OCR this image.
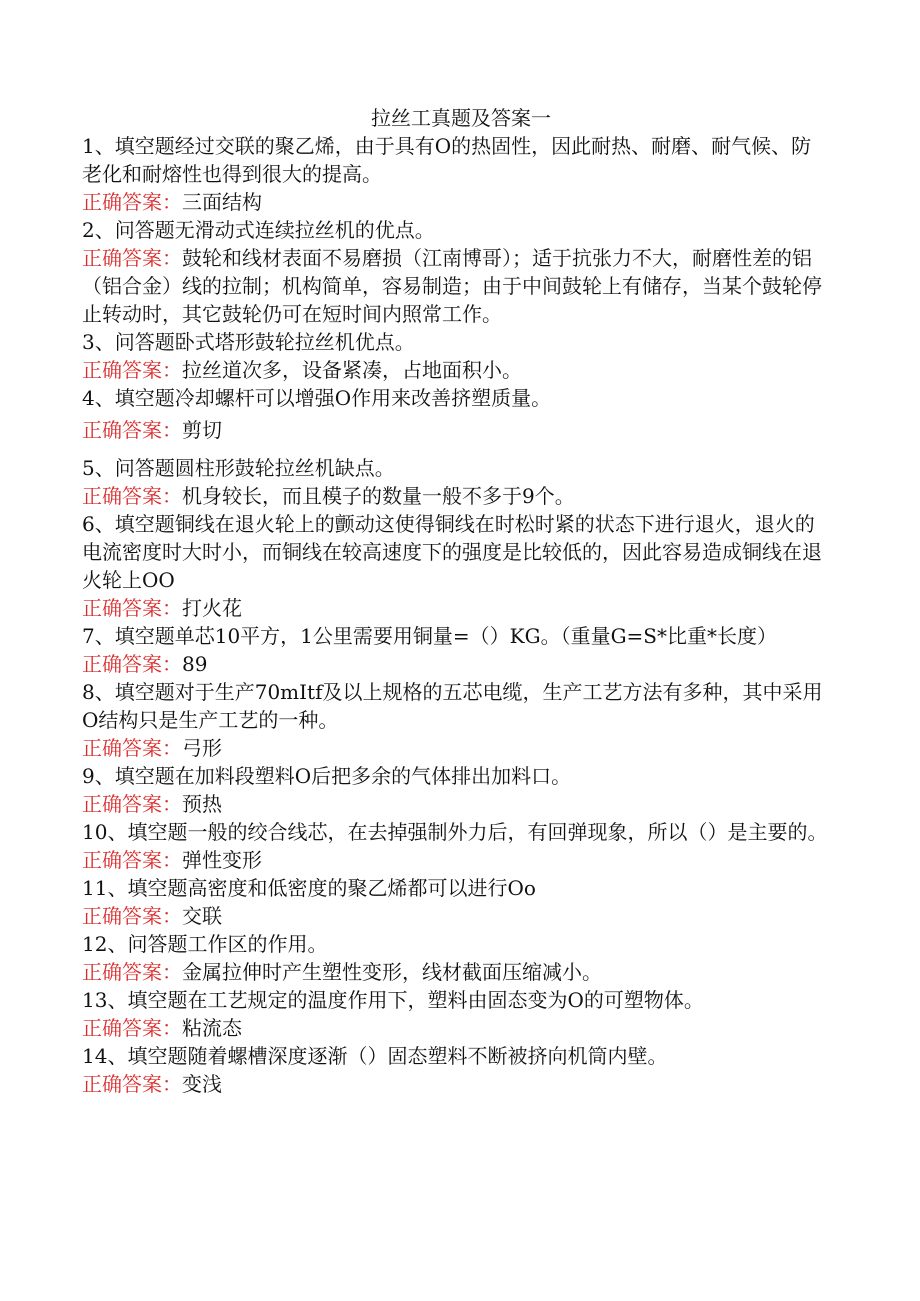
拉丝工真题及答案一

1、填空题经过交联的聚乙烯，由于具有O的热固性，因此耐热、耐磨、耐气候、防老化和耐熔性也得到很大的提高。

正确答案：三面结构

2、问答题无滑动式连续拉丝机的优点。

正确答案：鼓轮和线材表面不易磨损（江南博哥）；适于抗张力不大，耐磨性差的铝（铝合金）线的拉制；机构简单，容易制造；由于中间鼓轮上有储存，当某个鼓轮停止转动时，其它鼓轮仍可在短时间内照常工作。

3、问答题卧式塔形鼓轮拉丝机优点。

正确答案：拉丝道次多，设备紧凑，占地面积小。

4、填空题冷却螺杆可以增强O作用来改善挤塑质量。

正确答案：剪切

5、问答题圆柱形鼓轮拉丝机缺点。

正确答案：机身较长，而且模子的数量一般不多于9个。

6、填空题铜线在退火轮上的颤动这使得铜线在时松时紧的状态下进行退火，退火的电流密度时大时小，而铜线在较高速度下的强度是比较低的，因此容易造成铜线在退火轮上OO

正确答案：打火花

7、填空题单芯10平方，1公里需要用铜量=（）KG。（重量G=S*比重*长度）

正确答案：89

8、填空题对于生产70mItf及以上规格的五芯电缆，生产工艺方法有多种，其中采用O结构只是生产工艺的一种。

正确答案：弓形

9、填空题在加料段塑料O后把多余的气体排出加料口。

正确答案：预热

10、填空题一般的绞合线芯，在去掉强制外力后，有回弹现象，所以（）是主要的。

正确答案：弹性变形

11、填空题高密度和低密度的聚乙烯都可以进行Oo

正确答案：交联

12、问答题工作区的作用。

正确答案：金属拉伸时产生塑性变形，线材截面压缩减小。

13、填空题在工艺规定的温度作用下，塑料由固态变为O的可塑物体。

正确答案：粘流态

14、填空题随着螺槽深度逐渐（）固态塑料不断被挤向机筒内壁。

正确答案：变浅
